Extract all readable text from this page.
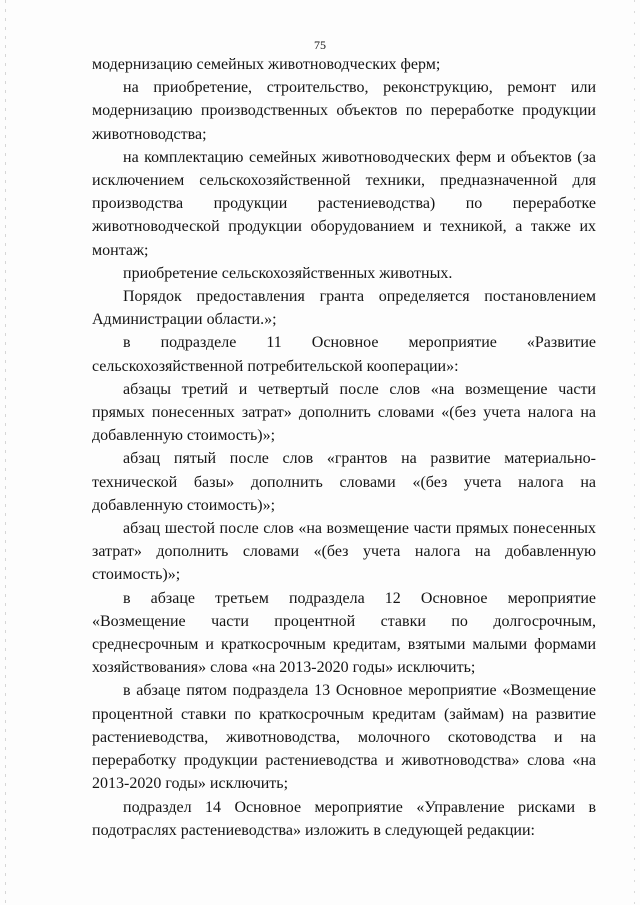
75

модернизацию семейных животноводческих ферм;

на приобретение, строительство, реконструкцию, ремонт или модернизацию производственных объектов по переработке продукции животноводства;

на комплектацию семейных животноводческих ферм и объектов (за исключением сельскохозяйственной техники, предназначенной для производства продукции растениеводства) по переработке животноводческой продукции оборудованием и техникой, а также их монтаж;

приобретение сельскохозяйственных животных.

Порядок предоставления гранта определяется постановлением Администрации области.»;

в подразделе 11 Основное мероприятие «Развитие сельскохозяйственной потребительской кооперации»:

абзацы третий и четвертый после слов «на возмещение части прямых понесенных затрат» дополнить словами «(без учета налога на добавленную стоимость)»;

абзац пятый после слов «грантов на развитие материально-технической базы» дополнить словами «(без учета налога на добавленную стоимость)»;

абзац шестой после слов «на возмещение части прямых понесенных затрат» дополнить словами «(без учета налога на добавленную стоимость)»;

в абзаце третьем подраздела 12 Основное мероприятие «Возмещение части процентной ставки по долгосрочным, среднесрочным и краткосрочным кредитам, взятыми малыми формами хозяйствования» слова «на 2013-2020 годы» исключить;

в абзаце пятом подраздела 13 Основное мероприятие «Возмещение процентной ставки по краткосрочным кредитам (займам) на развитие растениеводства, животноводства, молочного скотоводства и на переработку продукции растениеводства и животноводства» слова «на 2013-2020 годы» исключить;

подраздел 14 Основное мероприятие «Управление рисками в подотраслях растениеводства» изложить в следующей редакции:
